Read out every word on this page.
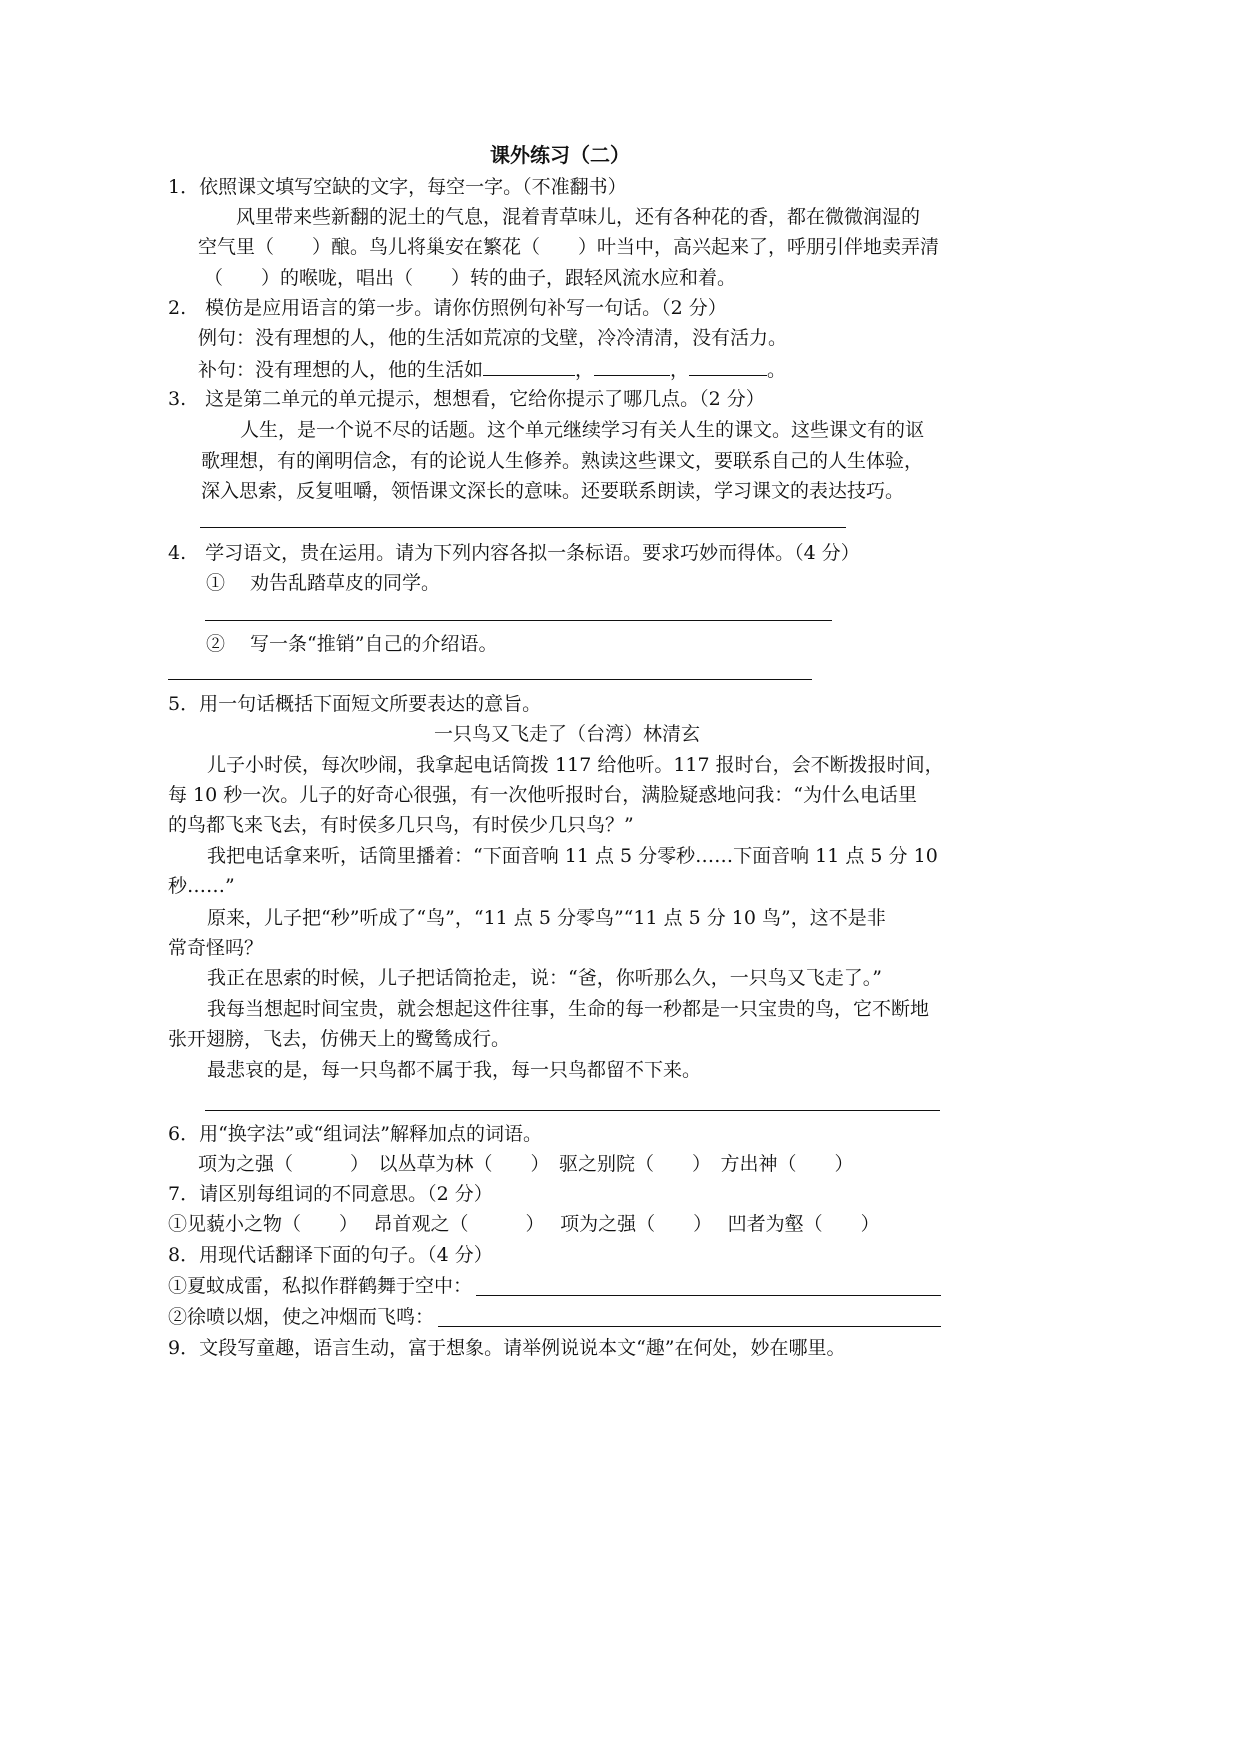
课外练习（二）
1．依照课文填写空缺的文字，每空一字。（不准翻书）
风里带来些新翻的泥土的气息，混着青草味儿，还有各种花的香，都在微微润湿的
空气里（　　）酿。鸟儿将巢安在繁花（　　）叶当中，高兴起来了，呼朋引伴地卖弄清
（　　）的喉咙，唱出（　　）转的曲子，跟轻风流水应和着。
2.　模仿是应用语言的第一步。请你仿照例句补写一句话。（2 分）
例句：没有理想的人，他的生活如荒凉的戈壁，冷冷清清，没有活力。
补句：没有理想的人，他的生活如	，	，	。
3.　这是第二单元的单元提示，想想看，它给你提示了哪几点。（2 分）
人生，是一个说不尽的话题。这个单元继续学习有关人生的课文。这些课文有的讴
歌理想，有的阐明信念，有的论说人生修养。熟读这些课文，要联系自己的人生体验，
深入思索，反复咀嚼，领悟课文深长的意味。还要联系朗读，学习课文的表达技巧。
4.　学习语文，贵在运用。请为下列内容各拟一条标语。要求巧妙而得体。（4 分）
①　 劝告乱踏草皮的同学。
②　 写一条“推销”自己的介绍语。
5．用一句话概括下面短文所要表达的意旨。
一只鸟又飞走了（台湾）林清玄
儿子小时侯，每次吵闹，我拿起电话筒拨 117 给他听。117 报时台，会不断拨报时间，
每 10 秒一次。儿子的好奇心很强，有一次他听报时台，满脸疑惑地问我：“为什么电话里
的鸟都飞来飞去，有时侯多几只鸟，有时侯少几只鸟？”
我把电话拿来听，话筒里播着：“下面音响 11 点 5 分零秒……下面音响 11 点 5 分 10
秒……”
原来，儿子把“秒”听成了“鸟”，“11 点 5 分零鸟”“11 点 5 分 10 鸟”，这不是非
常奇怪吗？
我正在思索的时候，儿子把话筒抢走，说：“爸，你听那么久，一只鸟又飞走了。”
我每当想起时间宝贵，就会想起这件往事，生命的每一秒都是一只宝贵的鸟，它不断地
张开翅膀，飞去，仿佛天上的鹭鸶成行。
最悲哀的是，每一只鸟都不属于我，每一只鸟都留不下来。
6．用“换字法”或“组词法”解释加点的词语。
项为之强（　　　）　以丛草为林（　　）　驱之别院（　　）　方出神（　　）
7．请区别每组词的不同意思。（2 分）
①见藐小之物（　　）　 昂首观之（　　　）　 项为之强（　　）　 凹者为壑（　　）
8．用现代话翻译下面的句子。（4 分）
①夏蚊成雷，私拟作群鹤舞于空中：
②徐喷以烟，使之冲烟而飞鸣：
9．文段写童趣，语言生动，富于想象。请举例说说本文“趣”在何处，妙在哪里。
